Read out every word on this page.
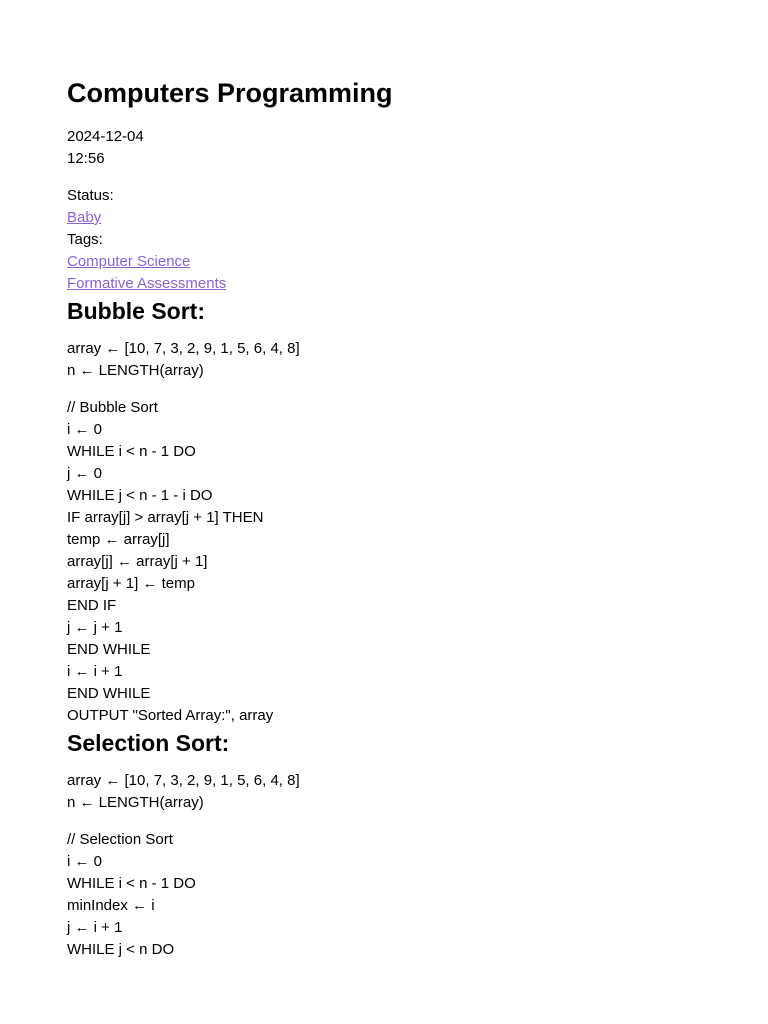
Computers Programming
2024-12-04
12:56
Status:
Baby
Tags:
Computer Science
Formative Assessments
Bubble Sort:
array ← [10, 7, 3, 2, 9, 1, 5, 6, 4, 8]
n ← LENGTH(array)
// Bubble Sort
i ← 0
WHILE i < n - 1 DO
j ← 0
WHILE j < n - 1 - i DO
IF array[j] > array[j + 1] THEN
temp ← array[j]
array[j] ← array[j + 1]
array[j + 1] ← temp
END IF
j ← j + 1
END WHILE
i ← i + 1
END WHILE
OUTPUT "Sorted Array:", array
Selection Sort:
array ← [10, 7, 3, 2, 9, 1, 5, 6, 4, 8]
n ← LENGTH(array)
// Selection Sort
i ← 0
WHILE i < n - 1 DO
minIndex ← i
j ← i + 1
WHILE j < n DO
